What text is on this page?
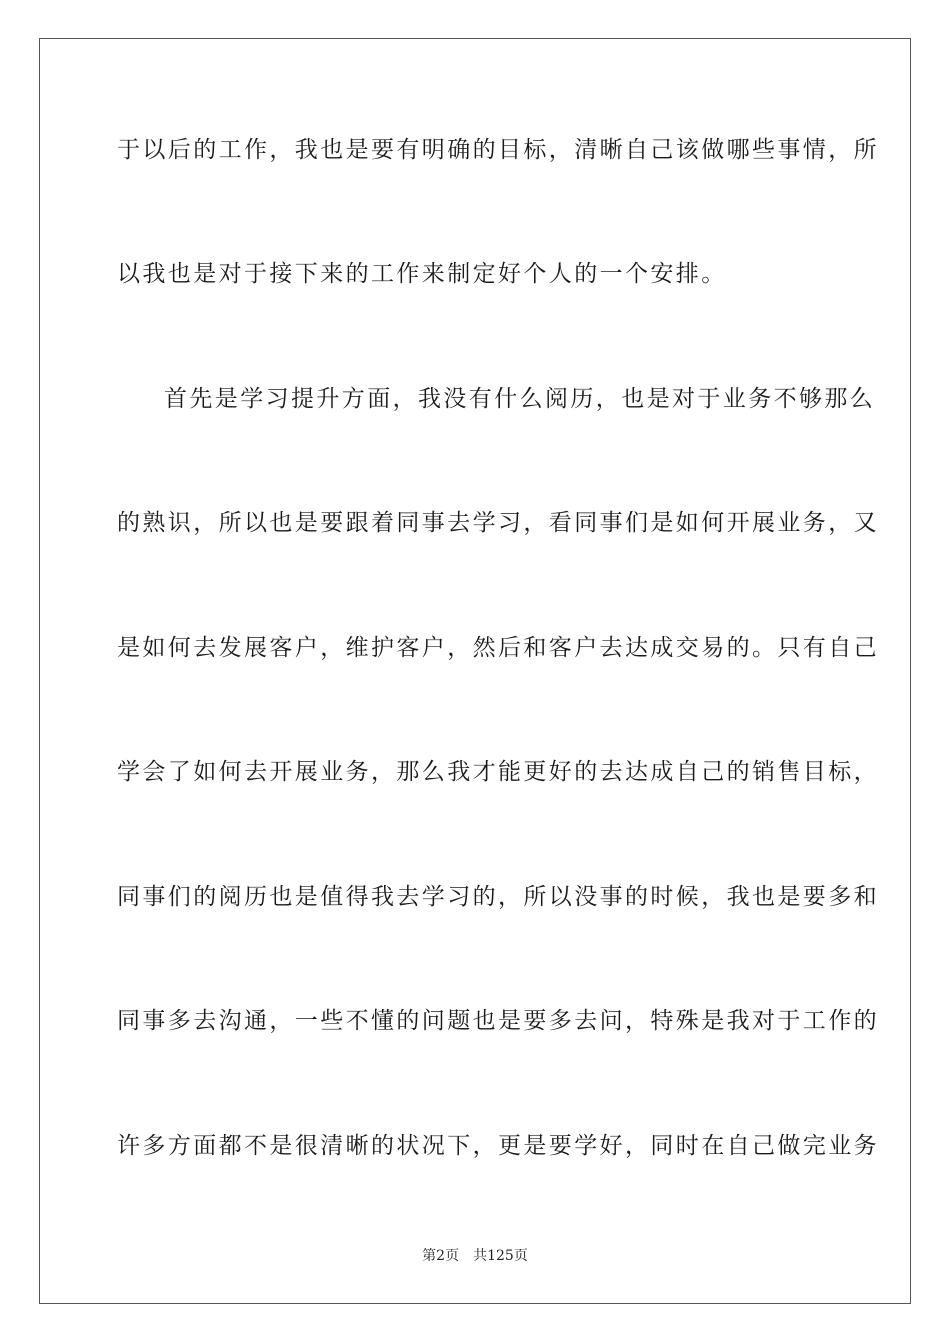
于以后的工作，我也是要有明确的目标，清晰自己该做哪些事情，所
以我也是对于接下来的工作来制定好个人的一个安排。
首先是学习提升方面，我没有什么阅历，也是对于业务不够那么
的熟识，所以也是要跟着同事去学习，看同事们是如何开展业务，又
是如何去发展客户，维护客户，然后和客户去达成交易的。只有自己
学会了如何去开展业务，那么我才能更好的去达成自己的销售目标，
同事们的阅历也是值得我去学习的，所以没事的时候，我也是要多和
同事多去沟通，一些不懂的问题也是要多去问，特殊是我对于工作的
许多方面都不是很清晰的状况下，更是要学好，同时在自己做完业务
第2页 共125页
